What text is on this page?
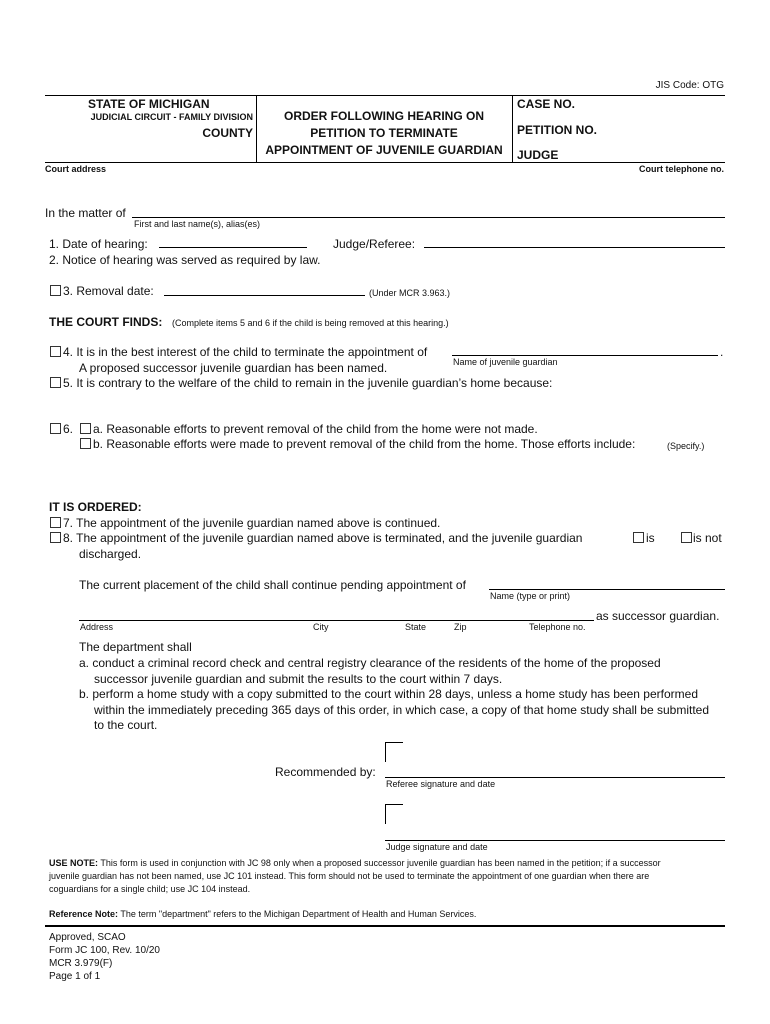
JIS Code: OTG
STATE OF MICHIGAN
JUDICIAL CIRCUIT - FAMILY DIVISION
COUNTY
ORDER FOLLOWING HEARING ON
PETITION TO TERMINATE
APPOINTMENT OF JUVENILE GUARDIAN
CASE NO.
PETITION NO.
JUDGE
Court address	Court telephone no.
In the matter of
First and last name(s), alias(es)
1. Date of hearing:	Judge/Referee:
2. Notice of hearing was served as required by law.
3. Removal date:	(Under MCR 3.963.)
THE COURT FINDS: (Complete items 5 and 6 if the child is being removed at this hearing.)
4. It is in the best interest of the child to terminate the appointment of	.
Name of juvenile guardian
A proposed successor juvenile guardian has been named.
5. It is contrary to the welfare of the child to remain in the juvenile guardian’s home because:
6. a. Reasonable efforts to prevent removal of the child from the home were not made.
b. Reasonable efforts were made to prevent removal of the child from the home. Those efforts include:	(Specify.)
IT IS ORDERED:
7. The appointment of the juvenile guardian named above is continued.
8. The appointment of the juvenile guardian named above is terminated, and the juvenile guardian	is	is not
discharged.
The current placement of the child shall continue pending appointment of
Name (type or print)
as successor guardian.
Address	City	State	Zip	Telephone no.
The department shall
a. conduct a criminal record check and central registry clearance of the residents of the home of the proposed
successor juvenile guardian and submit the results to the court within 7 days.
b. perform a home study with a copy submitted to the court within 28 days, unless a home study has been performed
within the immediately preceding 365 days of this order, in which case, a copy of that home study shall be submitted
to the court.
Recommended by:
Referee signature and date
Judge signature and date
USE NOTE: This form is used in conjunction with JC 98 only when a proposed successor juvenile guardian has been named in the petition; if a successor
juvenile guardian has not been named, use JC 101 instead. This form should not be used to terminate the appointment of one guardian when there are
coguardians for a single child; use JC 104 instead.
Reference Note: The term "department" refers to the Michigan Department of Health and Human Services.
Approved, SCAO
Form JC 100, Rev. 10/20
MCR 3.979(F)
Page 1 of 1
